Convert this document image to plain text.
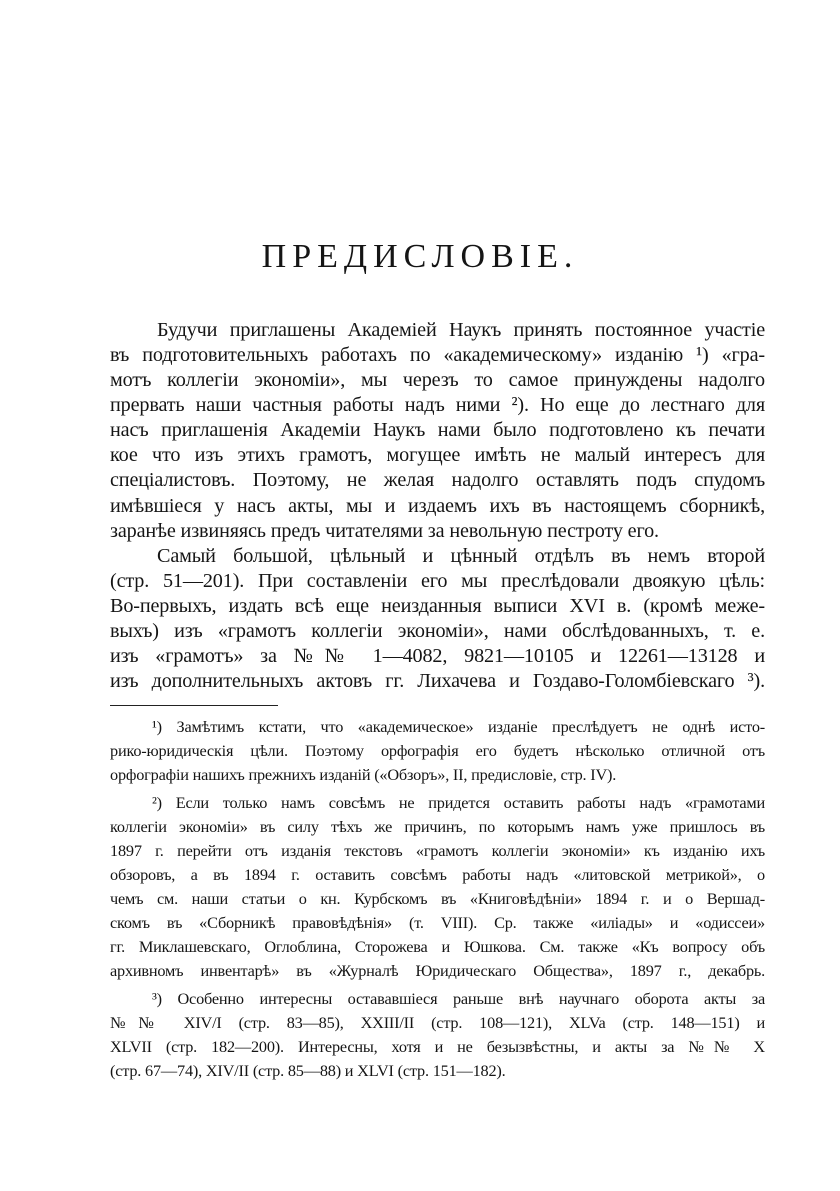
ПРЕДИСЛОВІЕ.
Будучи приглашены Академіей Наукъ принять постоянное участіе
въ подготовительныхъ работахъ по «академическому» изданію ¹) «гра-
мотъ коллегіи экономіи», мы черезъ то самое принуждены надолго
прервать наши частныя работы надъ ними ²). Но еще до лестнаго для
насъ приглашенія Академіи Наукъ нами было подготовлено къ печати
кое что изъ этихъ грамотъ, могущее имѣть не малый интересъ для
спеціалистовъ. Поэтому, не желая надолго оставлять подъ спудомъ
имѣвшіеся у насъ акты, мы и издаемъ ихъ въ настоящемъ сборникѣ,
заранѣе извиняясь предъ читателями за невольную пестроту его.
Самый большой, цѣльный и цѣнный отдѣлъ въ немъ второй
(стр. 51—201). При составленіи его мы преслѣдовали двоякую цѣль:
Во-первыхъ, издать всѣ еще неизданныя выписи XVI в. (кромѣ меже-
выхъ) изъ «грамотъ коллегіи экономіи», нами обслѣдованныхъ, т. е.
изъ «грамотъ» за №№ 1—4082, 9821—10105 и 12261—13128 и
изъ дополнительныхъ актовъ гг. Лихачева и Гоздаво-Голомбіевскаго ³).
¹) Замѣтимъ кстати, что «академическое» изданіе преслѣдуетъ не однѣ исто-
рико-юридическія цѣли. Поэтому орфографія его будетъ нѣсколько отличной отъ
орфографіи нашихъ прежнихъ изданій («Обзоръ», II, предисловіе, стр. IV).
²) Если только намъ совсѣмъ не придется оставить работы надъ «грамотами
коллегіи экономіи» въ силу тѣхъ же причинъ, по которымъ намъ уже пришлось въ
1897 г. перейти отъ изданія текстовъ «грамотъ коллегіи экономіи» къ изданію ихъ
обзоровъ, а въ 1894 г. оставить совсѣмъ работы надъ «литовской метрикой», о
чемъ см. наши статьи о кн. Курбскомъ въ «Книговѣдѣніи» 1894 г. и о Вершад-
скомъ въ «Сборникѣ правовѣдѣнія» (т. VIII). Ср. также «иліады» и «одиссеи»
гг. Миклашевскаго, Оглоблина, Сторожева и Юшкова. См. также «Къ вопросу объ
архивномъ инвентарѣ» въ «Журналѣ Юридическаго Общества», 1897 г., декабрь.
³) Особенно интересны остававшіеся раньше внѣ научнаго оборота акты за
№№ XIV/I (стр. 83—85), XXIII/II (стр. 108—121), XLVa (стр. 148—151) и
XLVII (стр. 182—200). Интересны, хотя и не безызвѣстны, и акты за №№ X
(стр. 67—74), XIV/II (стр. 85—88) и XLVI (стр. 151—182).
